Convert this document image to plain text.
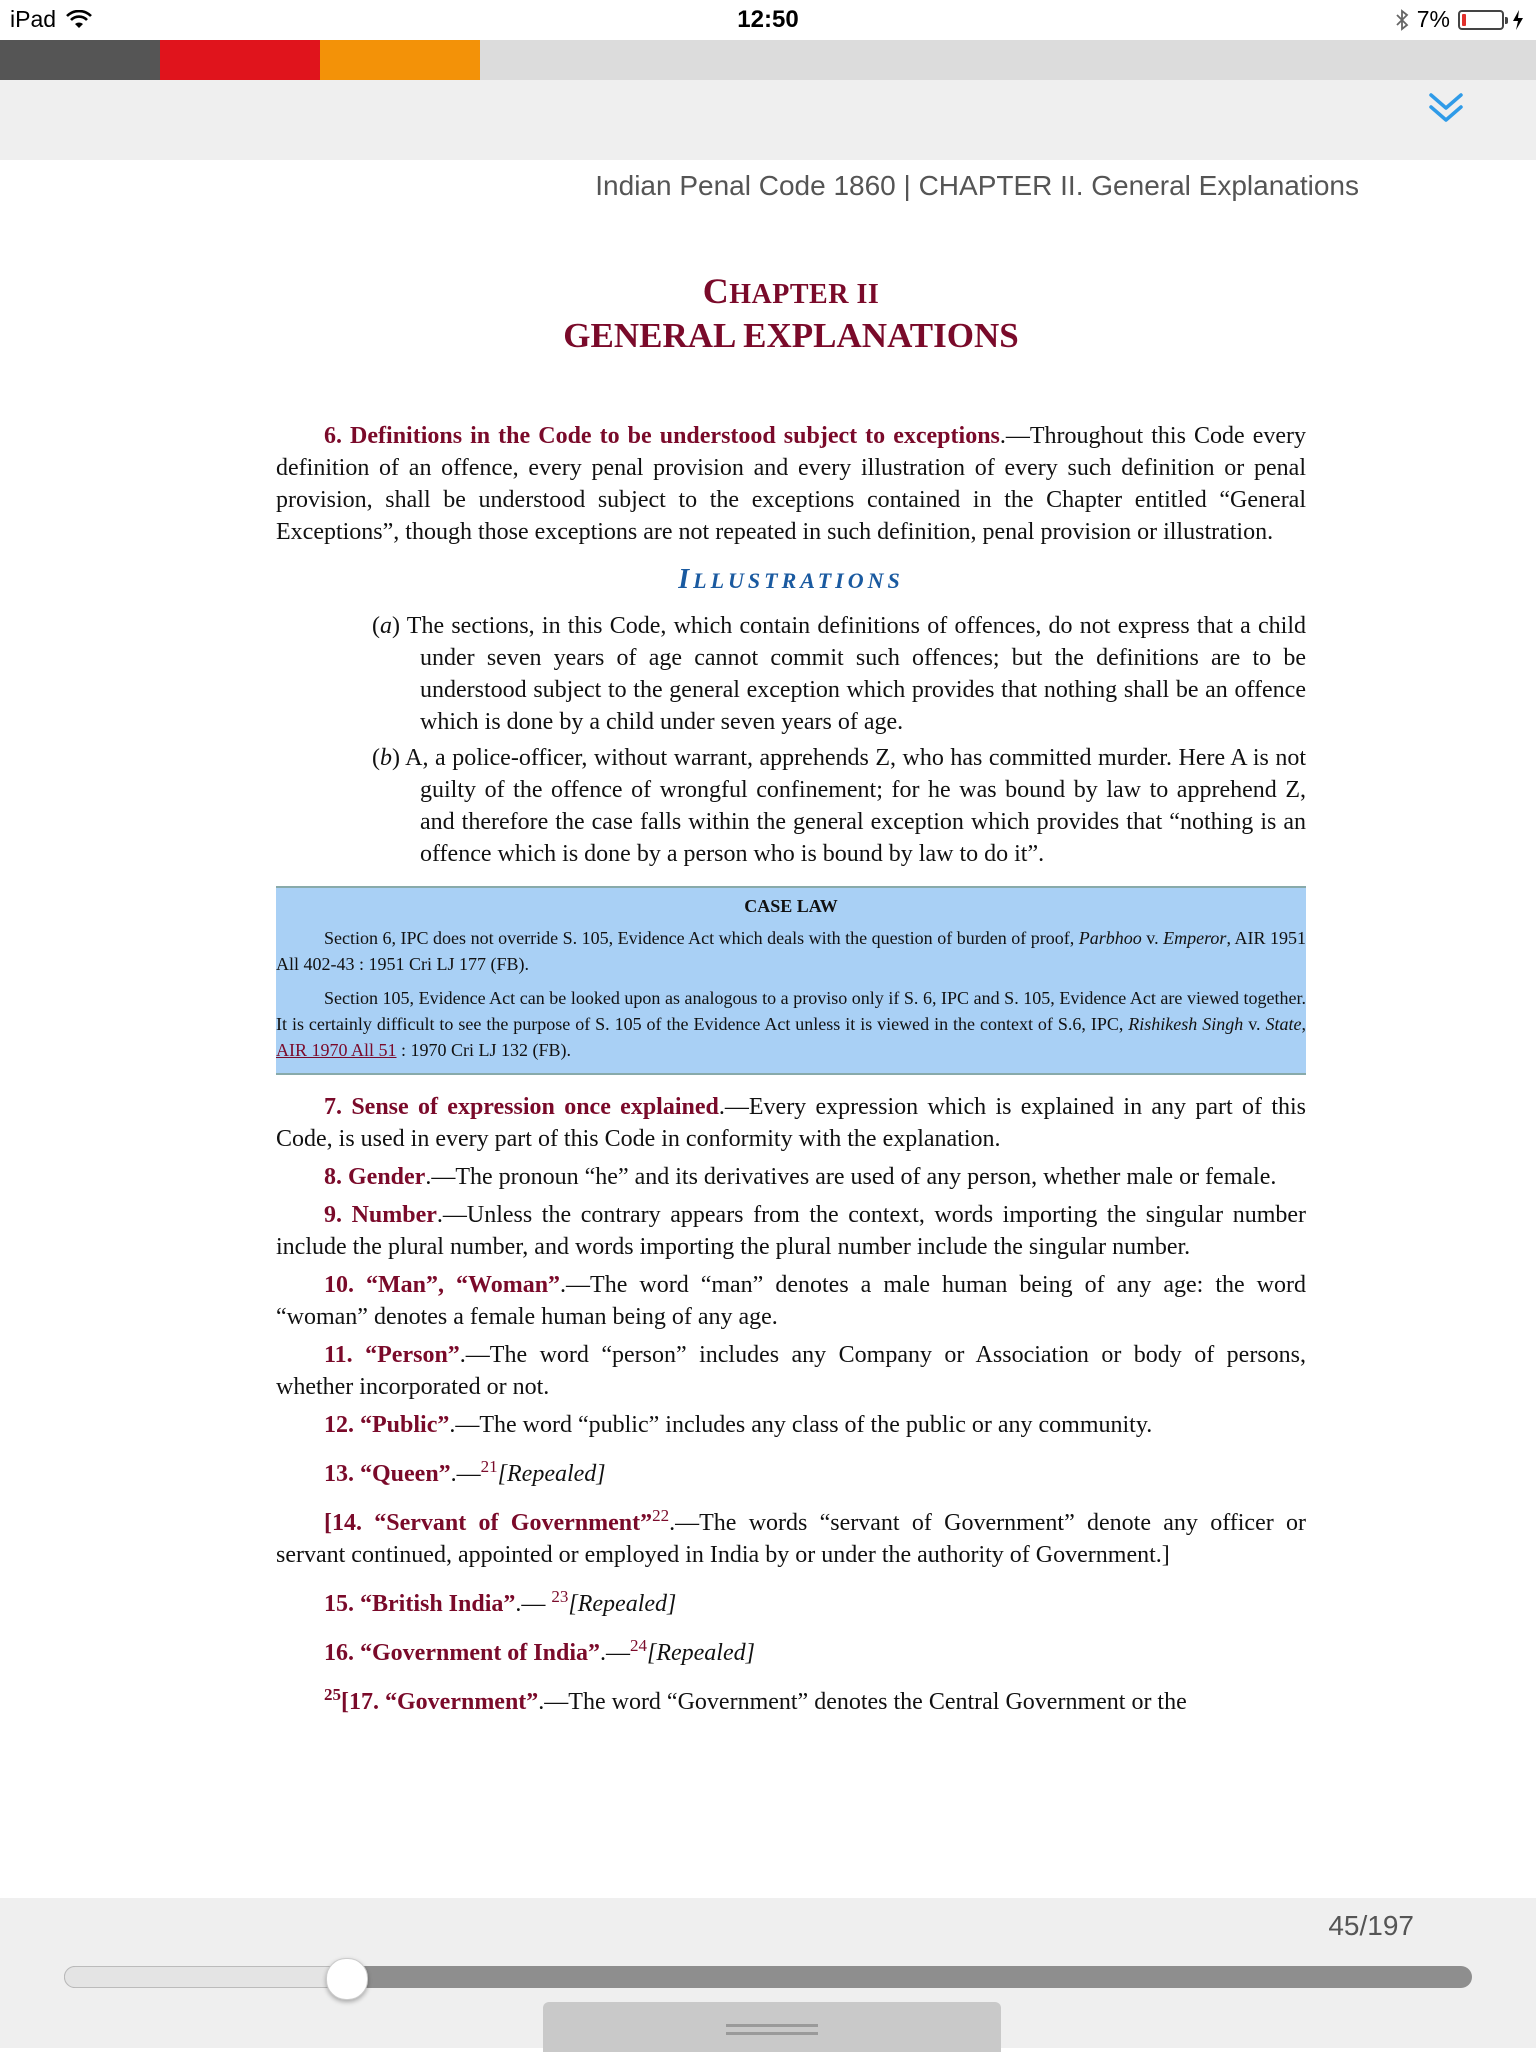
iPad	12:50	7%
Indian Penal Code 1860 | CHAPTER II. General Explanations
CHAPTER II
GENERAL EXPLANATIONS

6. Definitions in the Code to be understood subject to exceptions.—Throughout this Code every definition of an offence, every penal provision and every illustration of every such definition or penal provision, shall be understood subject to the exceptions contained in the Chapter entitled “General Exceptions”, though those exceptions are not repeated in such definition, penal provision or illustration.

ILLUSTRATIONS

(a) The sections, in this Code, which contain definitions of offences, do not express that a child under seven years of age cannot commit such offences; but the definitions are to be understood subject to the general exception which provides that nothing shall be an offence which is done by a child under seven years of age.

(b) A, a police-officer, without warrant, apprehends Z, who has committed murder. Here A is not guilty of the offence of wrongful confinement; for he was bound by law to apprehend Z, and therefore the case falls within the general exception which provides that “nothing is an offence which is done by a person who is bound by law to do it”.

CASE LAW

Section 6, IPC does not override S. 105, Evidence Act which deals with the question of burden of proof, Parbhoo v. Emperor, AIR 1951 All 402-43 : 1951 Cri LJ 177 (FB).

Section 105, Evidence Act can be looked upon as analogous to a proviso only if S. 6, IPC and S. 105, Evidence Act are viewed together. It is certainly difficult to see the purpose of S. 105 of the Evidence Act unless it is viewed in the context of S.6, IPC, Rishikesh Singh v. State, AIR 1970 All 51 : 1970 Cri LJ 132 (FB).

7. Sense of expression once explained.—Every expression which is explained in any part of this Code, is used in every part of this Code in conformity with the explanation.

8. Gender.—The pronoun “he” and its derivatives are used of any person, whether male or female.

9. Number.—Unless the contrary appears from the context, words importing the singular number include the plural number, and words importing the plural number include the singular number.

10. “Man”, “Woman”.—The word “man” denotes a male human being of any age: the word “woman” denotes a female human being of any age.

11. “Person”.—The word “person” includes any Company or Association or body of persons, whether incorporated or not.

12. “Public”.—The word “public” includes any class of the public or any community.

13. “Queen”.—$^{21}$[Repealed]

[14. “Servant of Government”$^{22}$.—The words “servant of Government” denote any officer or servant continued, appointed or employed in India by or under the authority of Government.]

15. “British India”.— $^{23}$[Repealed]

16. “Government of India”.—$^{24}$[Repealed]

$^{25}$[17. “Government”.—The word “Government” denotes the Central Government or the

45/197
